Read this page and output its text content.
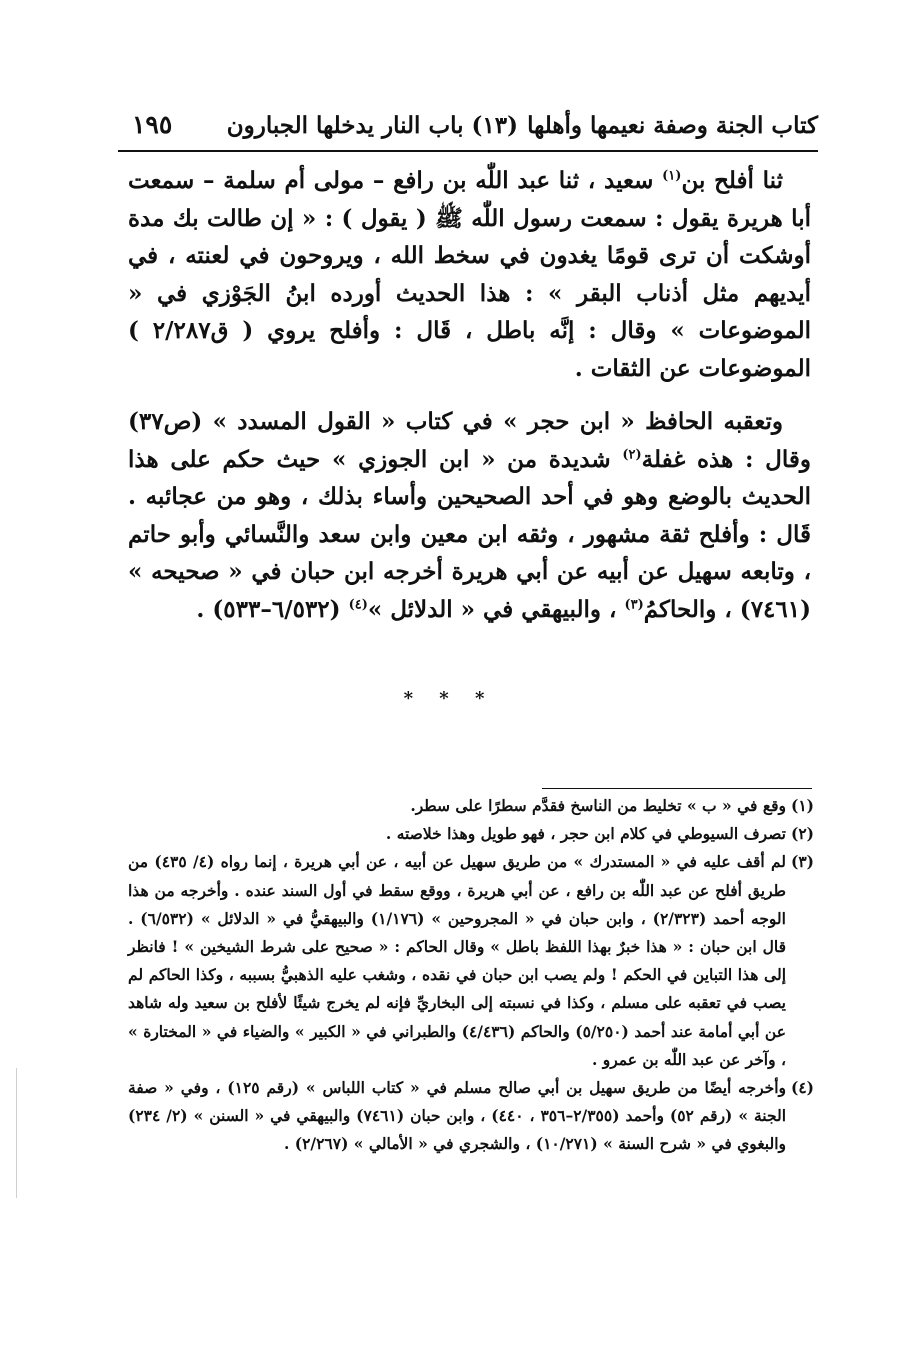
كتاب الجنة وصفة نعيمها وأهلها
(١٣) باب النار يدخلها الجبارون
١٩٥

ثنا أفلح بن$^{(١)}$ سعيد ، ثنا عبد اللّٰه بن رافع – مولى أم سلمة – سمعت أبا هريرة يقول : سمعت رسول اللّٰه ﷺ ( يقول ) : « إن طالت بك مدة أوشكت أن ترى قومًا يغدون في سخط الله ، ويروحون في لعنته ، في أيديهم مثل أذناب البقر » : هذا الحديث أورده ابنُ الجَوْزي في « الموضوعات » وقال : إنَّه باطل ، قَال : وأفلح يروي ( ق٢/٢٨٧ ) الموضوعات عن الثقات .

وتعقبه الحافظ « ابن حجر » في كتاب « القول المسدد » (ص٣٧) وقال : هذه غفلة$^{(٢)}$ شديدة من « ابن الجوزي » حيث حكم على هذا الحديث بالوضع وهو في أحد الصحيحين وأساء بذلك ، وهو من عجائبه . قَال : وأفلح ثقة مشهور ، وثقه ابن معين وابن سعد والنَّسائي وأبو حاتم ، وتابعه سهيل عن أبيه عن أبي هريرة أخرجه ابن حبان في « صحيحه » (٧٤٦١) ، والحاكمُ$^{(٣)}$ ، والبيهقي في « الدلائل »$^{(٤)}$ (٦/٥٣٢–٥٣٣) .

* * *

(١)
وقع في « ب » تخليط من الناسخ فقدَّم سطرًا على سطر.

(٢)
تصرف السيوطي في كلام ابن حجر ، فهو طويل وهذا خلاصته .

(٣)
لم أقف عليه في « المستدرك » من طريق سهيل عن أبيه ، عن أبي هريرة ، إنما رواه (٤/ ٤٣٥) من طريق أفلح عن عبد اللّٰه بن رافع ، عن أبي هريرة ، ووقع سقط في أول السند عنده . وأخرجه من هذا الوجه أحمد (٢/٣٢٣) ، وابن حبان في « المجروحين » (١/١٧٦) والبيهقيُّ في « الدلائل » (٦/٥٣٢) . قال ابن حبان : « هذا خبرٌ بهذا اللفظ باطل » وقال الحاكم : « صحيح على شرط الشيخين » ! فانظر إلى هذا التباين في الحكم ! ولم يصب ابن حبان في نقده ، وشغب عليه الذهبيُّ بسببه ، وكذا الحاكم لم يصب في تعقبه على مسلم ، وكذا في نسبته إلى البخاريِّ فإنه لم يخرج شيئًا لأفلح بن سعيد وله شاهد عن أبي أمامة عند أحمد (٥/٢٥٠) والحاكم (٤/٤٣٦) والطبراني في « الكبير » والضياء في « المختارة » ، وآخر عن عبد اللّٰه بن عمرو .

(٤)
وأخرجه أيضًا من طريق سهيل بن أبي صالح مسلم في « كتاب اللباس » (رقم ١٢٥) ، وفي « صفة الجنة » (رقم ٥٢) وأحمد (٢/٣٥٥–٣٥٦ ، ٤٤٠) ، وابن حبان (٧٤٦١) والبيهقي في « السنن » (٢/ ٢٣٤) والبغوي في « شرح السنة » (١٠/٢٧١) ، والشجري في « الأمالي » (٢/٢٦٧) .
